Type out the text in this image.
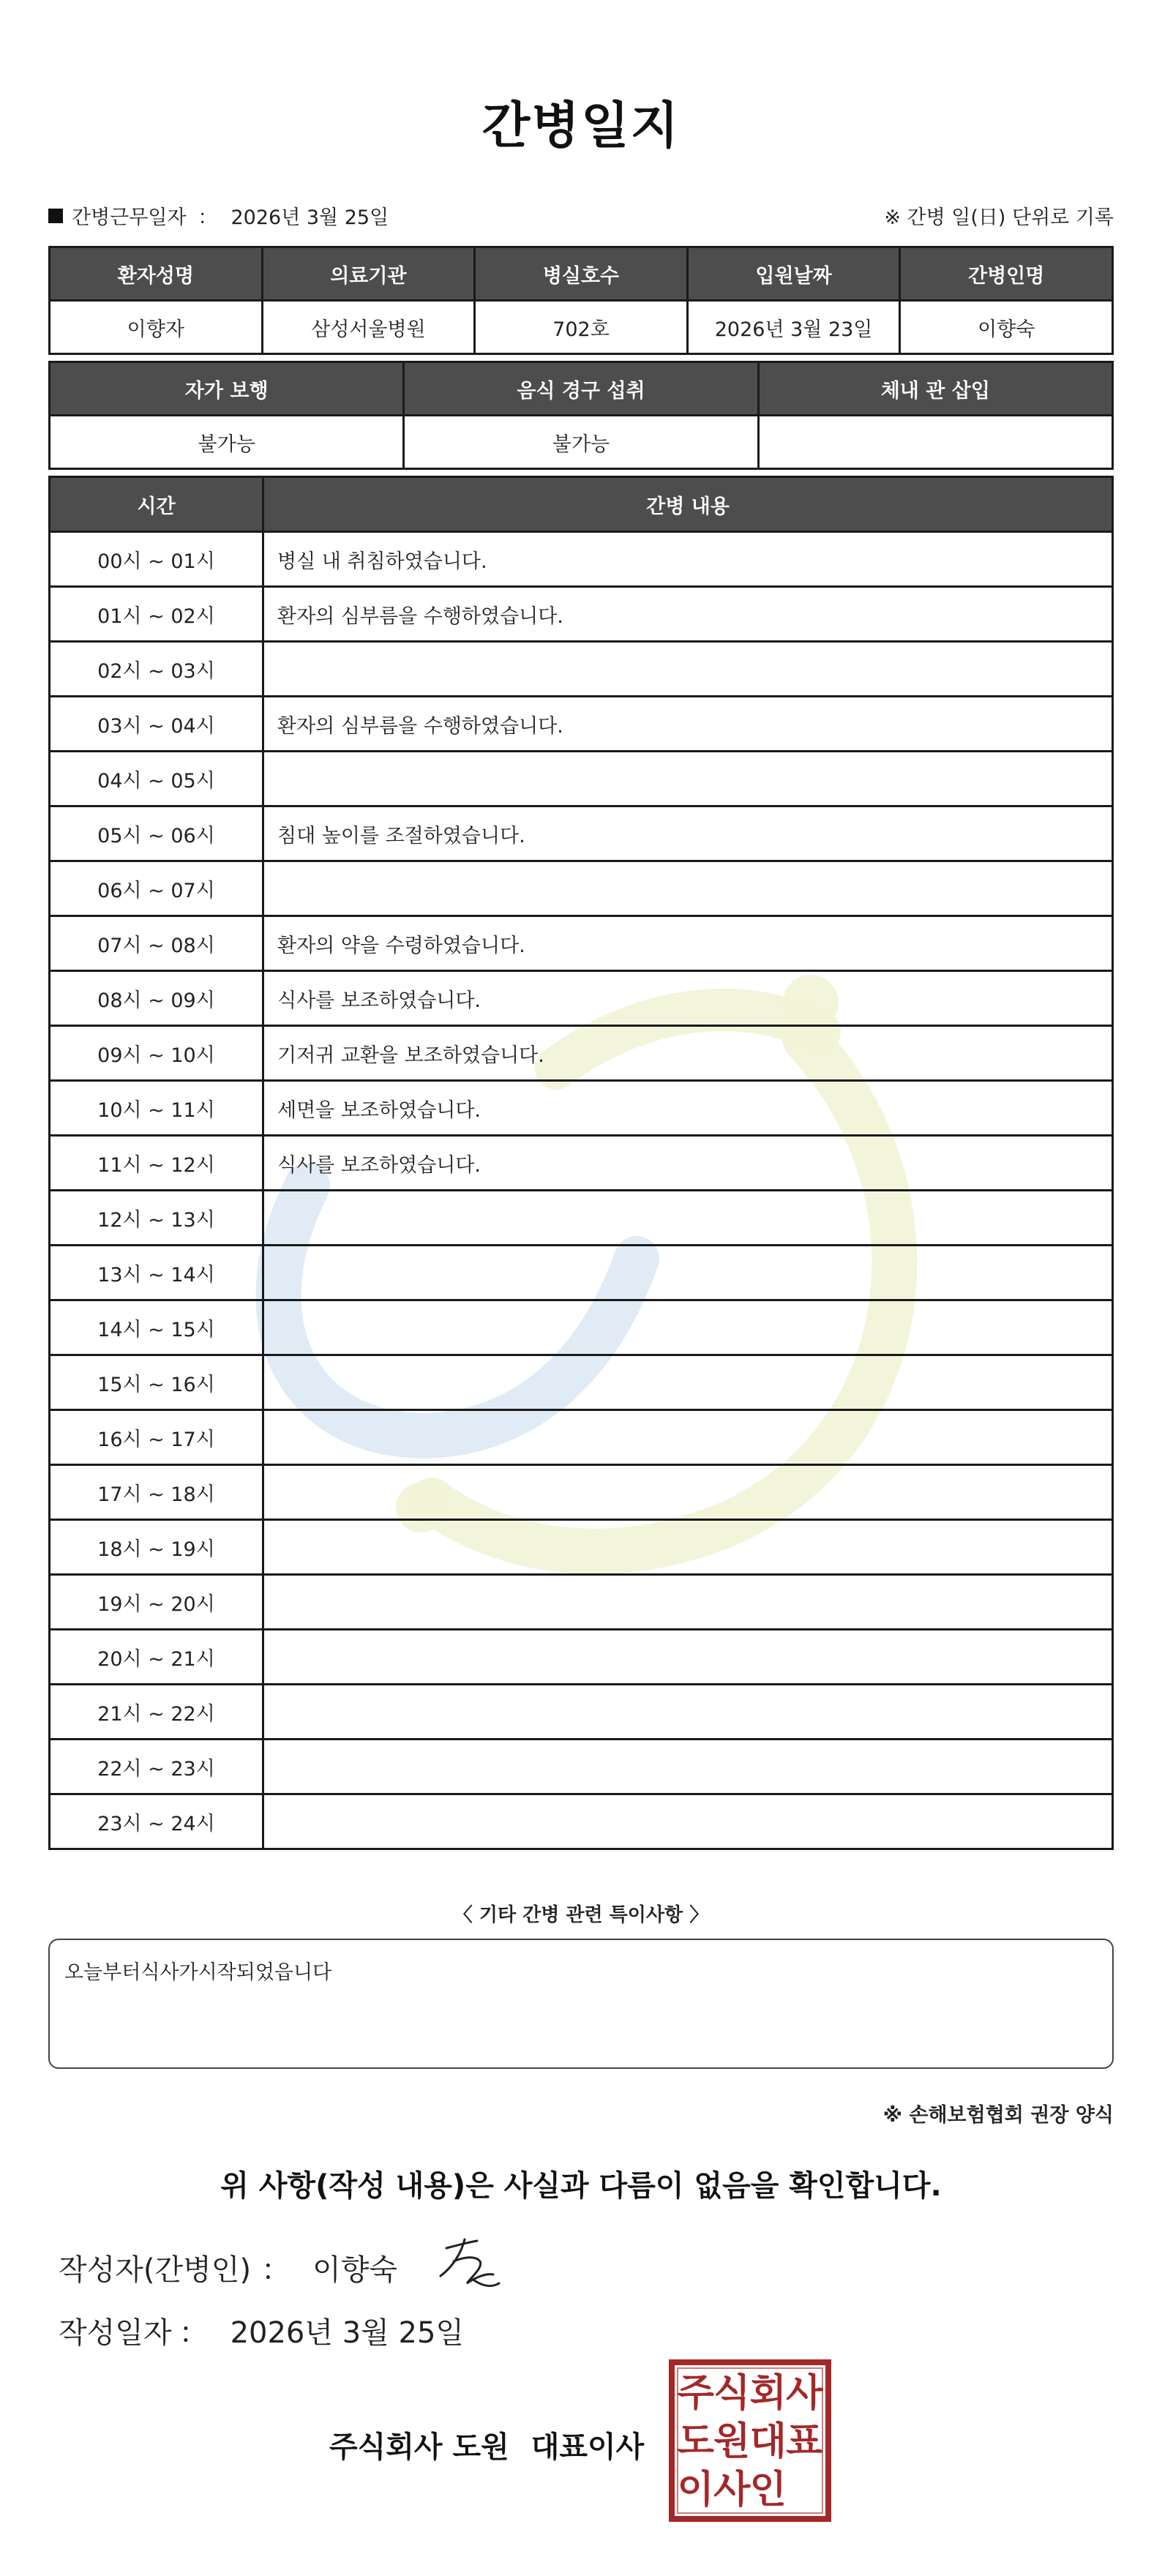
간병일지
간병근무일자 ： 2026년 3월 25일	※ 간병 일(日) 단위로 기록
환자성명	의료기관	병실호수	입원날짜	간병인명
이향자	삼성서울병원	702호	2026년 3월 23일	이향숙
자가 보행	음식 경구 섭취	체내 관 삽입
불가능	불가능	
시간	간병 내용
00시 ~ 01시	병실 내 취침하였습니다.
01시 ~ 02시	환자의 심부름을 수행하였습니다.
02시 ~ 03시	
03시 ~ 04시	환자의 심부름을 수행하였습니다.
04시 ~ 05시	
05시 ~ 06시	침대 높이를 조절하였습니다.
06시 ~ 07시	
07시 ~ 08시	환자의 약을 수령하였습니다.
08시 ~ 09시	식사를 보조하였습니다.
09시 ~ 10시	기저귀 교환을 보조하였습니다.
10시 ~ 11시	세면을 보조하였습니다.
11시 ~ 12시	식사를 보조하였습니다.
12시 ~ 13시	
13시 ~ 14시	
14시 ~ 15시	
15시 ~ 16시	
16시 ~ 17시	
17시 ~ 18시	
18시 ~ 19시	
19시 ~ 20시	
20시 ~ 21시	
21시 ~ 22시	
22시 ~ 23시	
23시 ~ 24시	
〈 기타 간병 관련 특이사항 〉
오늘부터식사가시작되었읍니다
※ 손해보험협회 권장 양식
위 사항(작성 내용)은 사실과 다름이 없음을 확인합니다.
작성자(간병인) ： 이향숙
작성일자 ： 2026년 3월 25일
주식회사 도원 대표이사
주 식 회 사
도 원 대 표
이 사 인
